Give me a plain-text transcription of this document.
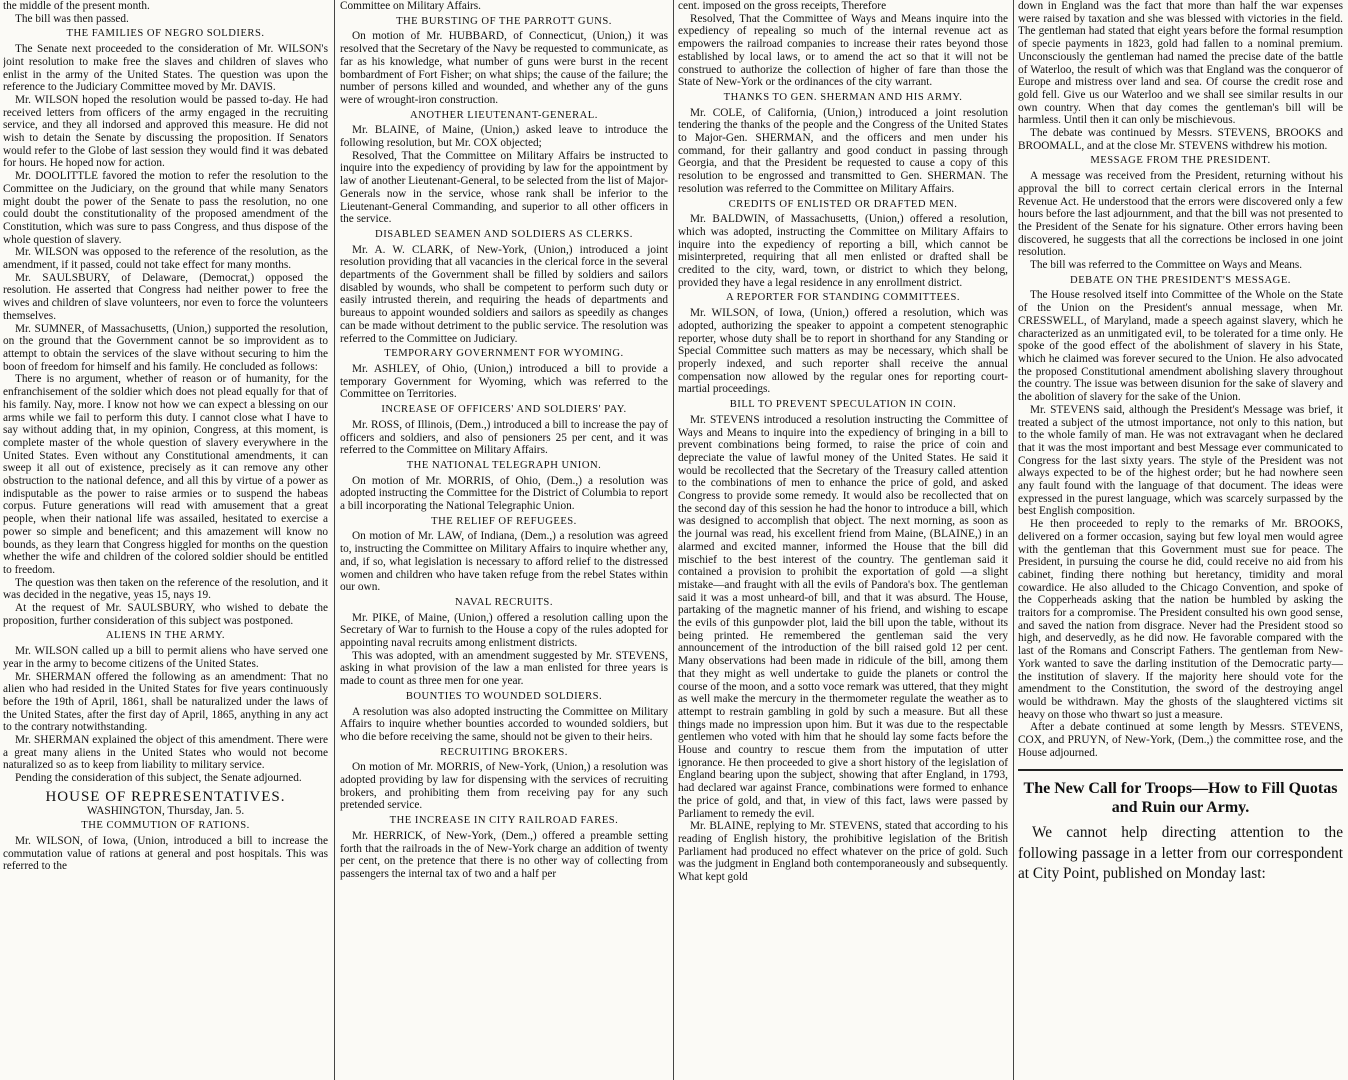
the middle of the present month.

The bill was then passed.

THE FAMILIES OF NEGRO SOLDIERS.

The Senate next proceeded to the consideration of Mr. WILSON's joint resolution to make free the slaves and children of slaves who enlist in the army of the United States. The question was upon the reference to the Judiciary Committee moved by Mr. DAVIS.

Mr. WILSON hoped the resolution would be passed to-day. He had received letters from officers of the army engaged in the recruiting service, and they all indorsed and approved this measure. He did not wish to detain the Senate by discussing the proposition. If Senators would refer to the Globe of last session they would find it was debated for hours. He hoped now for action.

Mr. DOOLITTLE favored the motion to refer the resolution to the Committee on the Judiciary, on the ground that while many Senators might doubt the power of the Senate to pass the resolution, no one could doubt the constitutionality of the proposed amendment of the Constitution, which was sure to pass Congress, and thus dispose of the whole question of slavery.

Mr. WILSON was opposed to the reference of the resolution, as the amendment, if it passed, could not take effect for many months.

Mr. SAULSBURY, of Delaware, (Democrat,) opposed the resolution. He asserted that Congress had neither power to free the wives and children of slave volunteers, nor even to force the volunteers themselves.

Mr. SUMNER, of Massachusetts, (Union,) supported the resolution, on the ground that the Government cannot be so improvident as to attempt to obtain the services of the slave without securing to him the boon of freedom for himself and his family. He concluded as follows:

There is no argument, whether of reason or of humanity, for the enfranchisement of the soldier which does not plead equally for that of his family. Nay, more. I know not how we can expect a blessing on our arms while we fail to perform this duty. I cannot close what I have to say without adding that, in my opinion, Congress, at this moment, is complete master of the whole question of slavery everywhere in the United States. Even without any Constitutional amendments, it can sweep it all out of existence, precisely as it can remove any other obstruction to the national defence, and all this by virtue of a power as indisputable as the power to raise armies or to suspend the habeas corpus. Future generations will read with amusement that a great people, when their national life was assailed, hesitated to exercise a power so simple and beneficent; and this amazement will know no bounds, as they learn that Congress higgled for months on the question whether the wife and children of the colored soldier should be entitled to freedom.

The question was then taken on the reference of the resolution, and it was decided in the negative, yeas 15, nays 19.

At the request of Mr. SAULSBURY, who wished to debate the proposition, further consideration of this subject was postponed.

ALIENS IN THE ARMY.

Mr. WILSON called up a bill to permit aliens who have served one year in the army to become citizens of the United States.

Mr. SHERMAN offered the following as an amendment: That no alien who had resided in the United States for five years continuously before the 19th of April, 1861, shall be naturalized under the laws of the United States, after the first day of April, 1865, anything in any act to the contrary notwithstanding.

Mr. SHERMAN explained the object of this amendment. There were a great many aliens in the United States who would not become naturalized so as to keep from liability to military service.

Pending the consideration of this subject, the Senate adjourned.

HOUSE OF REPRESENTATIVES.
WASHINGTON, Thursday, Jan. 5.
THE COMMUTION OF RATIONS.

Mr. WILSON, of Iowa, (Union, introduced a bill to increase the commutation value of rations at general and post hospitals. This was referred to the

Committee on Military Affairs.

THE BURSTING OF THE PARROTT GUNS.

On motion of Mr. HUBBARD, of Connecticut, (Union,) it was resolved that the Secretary of the Navy be requested to communicate, as far as his knowledge, what number of guns were burst in the recent bombardment of Fort Fisher; on what ships; the cause of the failure; the number of persons killed and wounded, and whether any of the guns were of wrought-iron construction.

ANOTHER LIEUTENANT-GENERAL.

Mr. BLAINE, of Maine, (Union,) asked leave to introduce the following resolution, but Mr. COX objected;

Resolved, That the Committee on Military Affairs be instructed to inquire into the expediency of providing by law for the appointment by law of another Lieutenant-General, to be selected from the list of Major-Generals now in the service, whose rank shall be inferior to the Lieutenant-General Commanding, and superior to all other officers in the service.

DISABLED SEAMEN AND SOLDIERS AS CLERKS.

Mr. A. W. CLARK, of New-York, (Union,) introduced a joint resolution providing that all vacancies in the clerical force in the several departments of the Government shall be filled by soldiers and sailors disabled by wounds, who shall be competent to perform such duty or easily intrusted therein, and requiring the heads of departments and bureaus to appoint wounded soldiers and sailors as speedily as changes can be made without detriment to the public service. The resolution was referred to the Committee on Judiciary.

TEMPORARY GOVERNMENT FOR WYOMING.

Mr. ASHLEY, of Ohio, (Union,) introduced a bill to provide a temporary Government for Wyoming, which was referred to the Committee on Territories.

INCREASE OF OFFICERS' AND SOLDIERS' PAY.

Mr. ROSS, of Illinois, (Dem.,) introduced a bill to increase the pay of officers and soldiers, and also of pensioners 25 per cent, and it was referred to the Committee on Military Affairs.

THE NATIONAL TELEGRAPH UNION.

On motion of Mr. MORRIS, of Ohio, (Dem.,) a resolution was adopted instructing the Committee for the District of Columbia to report a bill incorporating the National Telegraphic Union.

THE RELIEF OF REFUGEES.

On motion of Mr. LAW, of Indiana, (Dem.,) a resolution was agreed to, instructing the Committee on Military Affairs to inquire whether any, and, if so, what legislation is necessary to afford relief to the distressed women and children who have taken refuge from the rebel States within our own.

NAVAL RECRUITS.

Mr. PIKE, of Maine, (Union,) offered a resolution calling upon the Secretary of War to furnish to the House a copy of the rules adopted for appointing naval recruits among enlistment districts.

This was adopted, with an amendment suggested by Mr. STEVENS, asking in what provision of the law a man enlisted for three years is made to count as three men for one year.

BOUNTIES TO WOUNDED SOLDIERS.

A resolution was also adopted instructing the Committee on Military Affairs to inquire whether bounties accorded to wounded soldiers, but who die before receiving the same, should not be given to their heirs.

RECRUITING BROKERS.

On motion of Mr. MORRIS, of New-York, (Union,) a resolution was adopted providing by law for dispensing with the services of recruiting brokers, and prohibiting them from receiving pay for any such pretended service.

THE INCREASE IN CITY RAILROAD FARES.

Mr. HERRICK, of New-York, (Dem.,) offered a preamble setting forth that the railroads in the of New-York charge an addition of twenty per cent, on the pretence that there is no other way of collecting from passengers the internal tax of two and a half per

cent. imposed on the gross receipts, Therefore

Resolved, That the Committee of Ways and Means inquire into the expediency of repealing so much of the internal revenue act as empowers the railroad companies to increase their rates beyond those established by local laws, or to amend the act so that it will not be construed to authorize the collection of higher of fare than those the State of New-York or the ordinances of the city warrant.

THANKS TO GEN. SHERMAN AND HIS ARMY.

Mr. COLE, of California, (Union,) introduced a joint resolution tendering the thanks of the people and the Congress of the United States to Major-Gen. SHERMAN, and the officers and men under his command, for their gallantry and good conduct in passing through Georgia, and that the President be requested to cause a copy of this resolution to be engrossed and transmitted to Gen. SHERMAN. The resolution was referred to the Committee on Military Affairs.

CREDITS OF ENLISTED OR DRAFTED MEN.

Mr. BALDWIN, of Massachusetts, (Union,) offered a resolution, which was adopted, instructing the Committee on Military Affairs to inquire into the expediency of reporting a bill, which cannot be misinterpreted, requiring that all men enlisted or drafted shall be credited to the city, ward, town, or district to which they belong, provided they have a legal residence in any enrollment district.

A REPORTER FOR STANDING COMMITTEES.

Mr. WILSON, of Iowa, (Union,) offered a resolution, which was adopted, authorizing the speaker to appoint a competent stenographic reporter, whose duty shall be to report in shorthand for any Standing or Special Committee such matters as may be necessary, which shall be properly indexed, and such reporter shall receive the annual compensation now allowed by the regular ones for reporting court-martial proceedings.

BILL TO PREVENT SPECULATION IN COIN.

Mr. STEVENS introduced a resolution instructing the Committee of Ways and Means to inquire into the expediency of bringing in a bill to prevent combinations being formed, to raise the price of coin and depreciate the value of lawful money of the United States. He said it would be recollected that the Secretary of the Treasury called attention to the combinations of men to enhance the price of gold, and asked Congress to provide some remedy. It would also be recollected that on the second day of this session he had the honor to introduce a bill, which was designed to accomplish that object. The next morning, as soon as the journal was read, his excellent friend from Maine, (BLAINE,) in an alarmed and excited manner, informed the House that the bill did mischief to the best interest of the country. The gentleman said it contained a provision to prohibit the exportation of gold —a slight mistake—and fraught with all the evils of Pandora's box. The gentleman said it was a most unheard-of bill, and that it was absurd. The House, partaking of the magnetic manner of his friend, and wishing to escape the evils of this gunpowder plot, laid the bill upon the table, without its being printed. He remembered the gentleman said the very announcement of the introduction of the bill raised gold 12 per cent. Many observations had been made in ridicule of the bill, among them that they might as well undertake to guide the planets or control the course of the moon, and a sotto voce remark was uttered, that they might as well make the mercury in the thermometer regulate the weather as to attempt to restrain gambling in gold by such a measure. But all these things made no impression upon him. But it was due to the respectable gentlemen who voted with him that he should lay some facts before the House and country to rescue them from the imputation of utter ignorance. He then proceeded to give a short history of the legislation of England bearing upon the subject, showing that after England, in 1793, had declared war against France, combinations were formed to enhance the price of gold, and that, in view of this fact, laws were passed by Parliament to remedy the evil.

Mr. BLAINE, replying to Mr. STEVENS, stated that according to his reading of English history, the prohibitive legislation of the British Parliament had produced no effect whatever on the price of gold. Such was the judgment in England both contemporaneously and subsequently. What kept gold

down in England was the fact that more than half the war expenses were raised by taxation and she was blessed with victories in the field. The gentleman had stated that eight years before the formal resumption of specie payments in 1823, gold had fallen to a nominal premium. Unconsciously the gentleman had named the precise date of the battle of Waterloo, the result of which was that England was the conqueror of Europe and mistress over land and sea. Of course the credit rose and gold fell. Give us our Waterloo and we shall see similar results in our own country. When that day comes the gentleman's bill will be harmless. Until then it can only be mischievous.

The debate was continued by Messrs. STEVENS, BROOKS and BROOMALL, and at the close Mr. STEVENS withdrew his motion.

MESSAGE FROM THE PRESIDENT.

A message was received from the President, returning without his approval the bill to correct certain clerical errors in the Internal Revenue Act. He understood that the errors were discovered only a few hours before the last adjournment, and that the bill was not presented to the President of the Senate for his signature. Other errors having been discovered, he suggests that all the corrections be inclosed in one joint resolution.

The bill was referred to the Committee on Ways and Means.

DEBATE ON THE PRESIDENT'S MESSAGE.

The House resolved itself into Committee of the Whole on the State of the Union on the President's annual message, when Mr. CRESSWELL, of Maryland, made a speech against slavery, which he characterized as an unmitigated evil, to be tolerated for a time only. He spoke of the good effect of the abolishment of slavery in his State, which he claimed was forever secured to the Union. He also advocated the proposed Constitutional amendment abolishing slavery throughout the country. The issue was between disunion for the sake of slavery and the abolition of slavery for the sake of the Union.

Mr. STEVENS said, although the President's Message was brief, it treated a subject of the utmost importance, not only to this nation, but to the whole family of man. He was not extravagant when he declared that it was the most important and best Message ever communicated to Congress for the last sixty years. The style of the President was not always expected to be of the highest order; but he had nowhere seen any fault found with the language of that document. The ideas were expressed in the purest language, which was scarcely surpassed by the best English composition.

He then proceeded to reply to the remarks of Mr. BROOKS, delivered on a former occasion, saying but few loyal men would agree with the gentleman that this Government must sue for peace. The President, in pursuing the course he did, could receive no aid from his cabinet, finding there nothing but heretancy, timidity and moral cowardice. He also alluded to the Chicago Convention, and spoke of the Copperheads asking that the nation be humbled by asking the traitors for a compromise. The President consulted his own good sense, and saved the nation from disgrace. Never had the President stood so high, and deservedly, as he did now. He favorable compared with the last of the Romans and Conscript Fathers. The gentleman from New-York wanted to save the darling institution of the Democratic party—the institution of slavery. If the majority here should vote for the amendment to the Constitution, the sword of the destroying angel would be withdrawn. May the ghosts of the slaughtered victims sit heavy on those who thwart so just a measure.

After a debate continued at some length by Messrs. STEVENS, COX, and PRUYN, of New-York, (Dem.,) the committee rose, and the House adjourned.

The New Call for Troops—How to Fill Quotas and Ruin our Army.

We cannot help directing attention to the following passage in a letter from our correspondent at City Point, published on Monday last:
